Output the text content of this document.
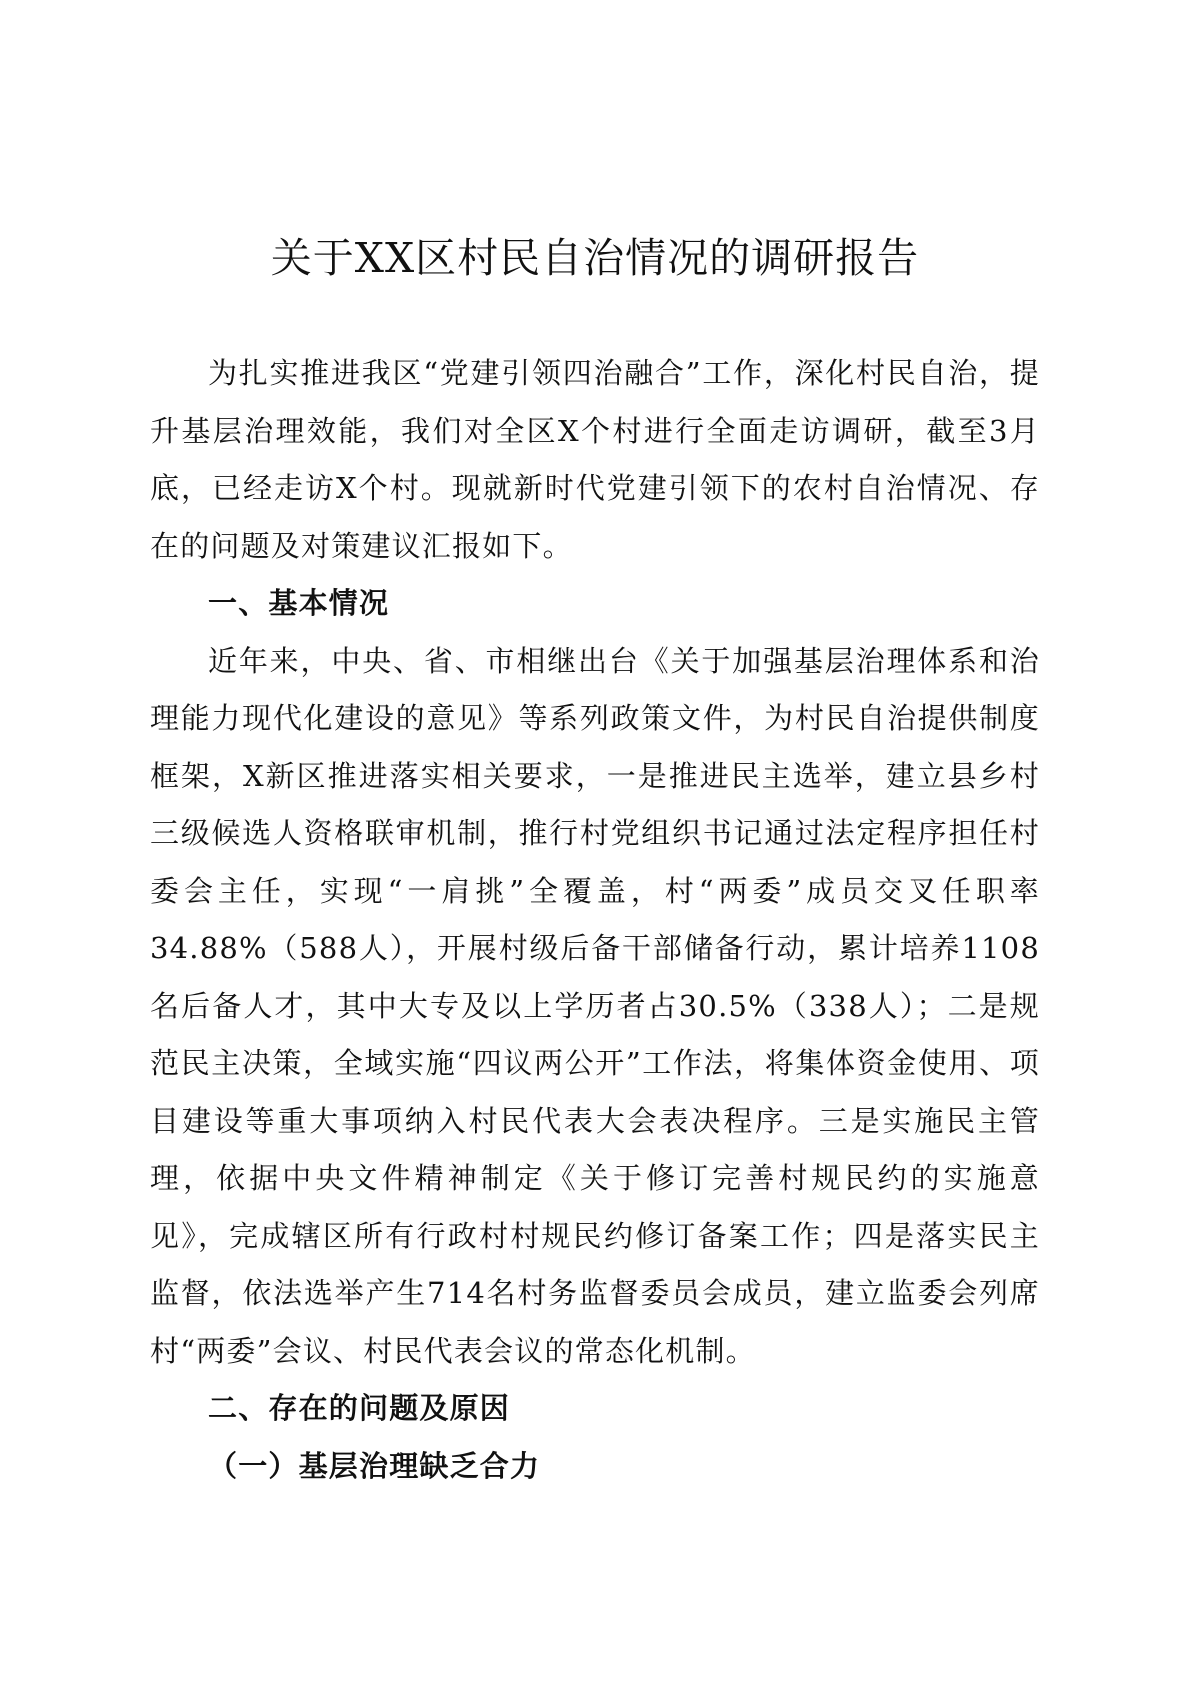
关于XX区村民自治情况的调研报告

为扎实推进我区“党建引领四治融合”工作，深化村民自治，提升基层治理效能，我们对全区X个村进行全面走访调研，截至3月底，已经走访X个村。现就新时代党建引领下的农村自治情况、存在的问题及对策建议汇报如下。

一、基本情况

近年来，中央、省、市相继出台《关于加强基层治理体系和治理能力现代化建设的意见》等系列政策文件，为村民自治提供制度框架，X新区推进落实相关要求，一是推进民主选举，建立县乡村三级候选人资格联审机制，推行村党组织书记通过法定程序担任村委会主任，实现“一肩挑”全覆盖，村“两委”成员交叉任职率34.88%（588人），开展村级后备干部储备行动，累计培养1108名后备人才，其中大专及以上学历者占30.5%（338人）；二是规范民主决策，全域实施“四议两公开”工作法，将集体资金使用、项目建设等重大事项纳入村民代表大会表决程序。三是实施民主管理，依据中央文件精神制定《关于修订完善村规民约的实施意见》，完成辖区所有行政村村规民约修订备案工作；四是落实民主监督，依法选举产生714名村务监督委员会成员，建立监委会列席村“两委”会议、村民代表会议的常态化机制。

二、存在的问题及原因

（一）基层治理缺乏合力
